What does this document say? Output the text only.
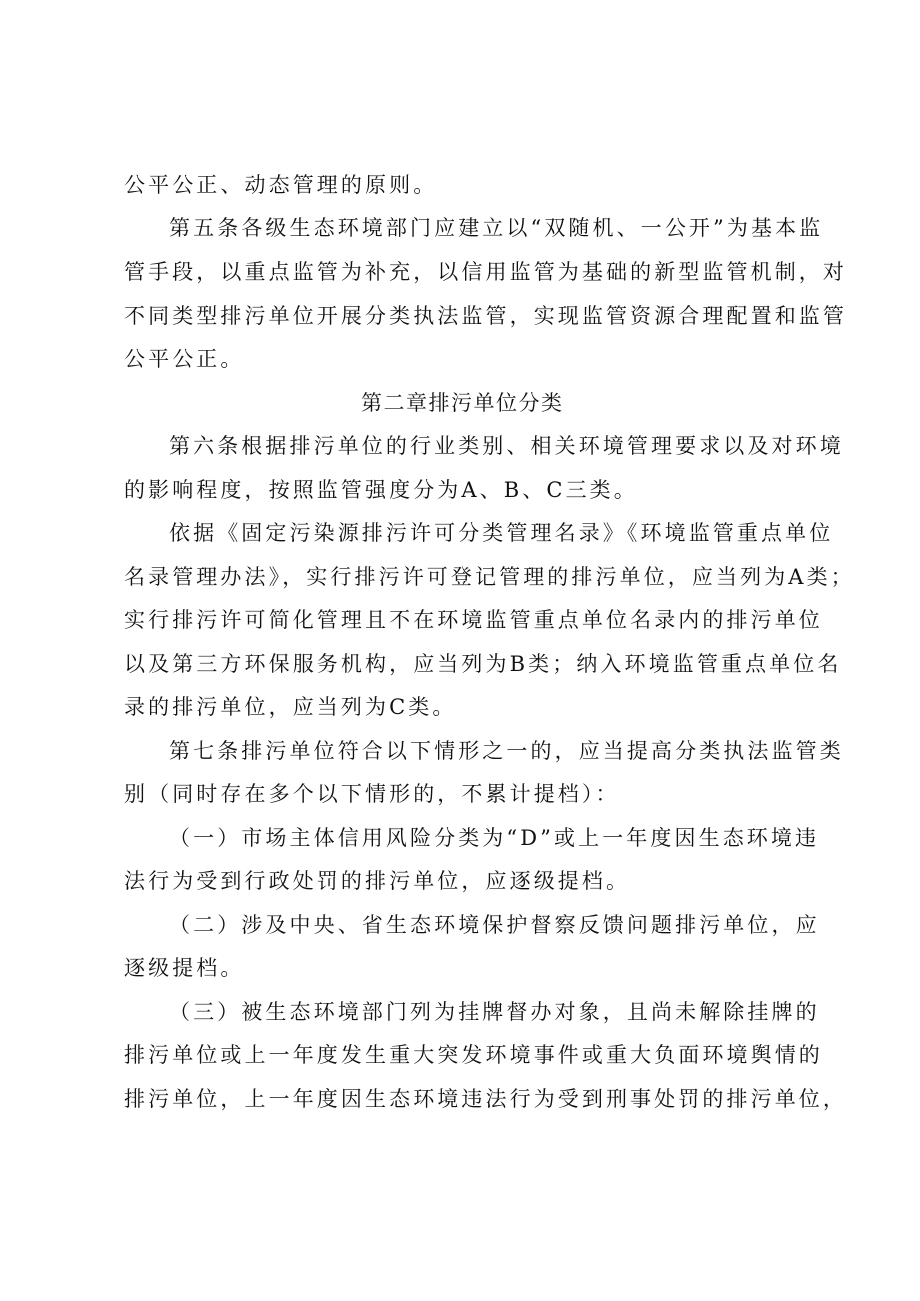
公平公正、动态管理的原则。
第五条各级生态环境部门应建立以“双随机、一公开”为基本监
管手段，以重点监管为补充，以信用监管为基础的新型监管机制，对
不同类型排污单位开展分类执法监管，实现监管资源合理配置和监管
公平公正。
第二章排污单位分类
第六条根据排污单位的行业类别、相关环境管理要求以及对环境
的影响程度，按照监管强度分为A、B、C三类。
依据《固定污染源排污许可分类管理名录》《环境监管重点单位
名录管理办法》，实行排污许可登记管理的排污单位，应当列为A类；
实行排污许可简化管理且不在环境监管重点单位名录内的排污单位
以及第三方环保服务机构，应当列为B类；纳入环境监管重点单位名
录的排污单位，应当列为C类。
第七条排污单位符合以下情形之一的，应当提高分类执法监管类
别（同时存在多个以下情形的，不累计提档）：
（一）市场主体信用风险分类为“D”或上一年度因生态环境违
法行为受到行政处罚的排污单位，应逐级提档。
（二）涉及中央、省生态环境保护督察反馈问题排污单位，应
逐级提档。
（三）被生态环境部门列为挂牌督办对象，且尚未解除挂牌的
排污单位或上一年度发生重大突发环境事件或重大负面环境舆情的
排污单位，上一年度因生态环境违法行为受到刑事处罚的排污单位，
